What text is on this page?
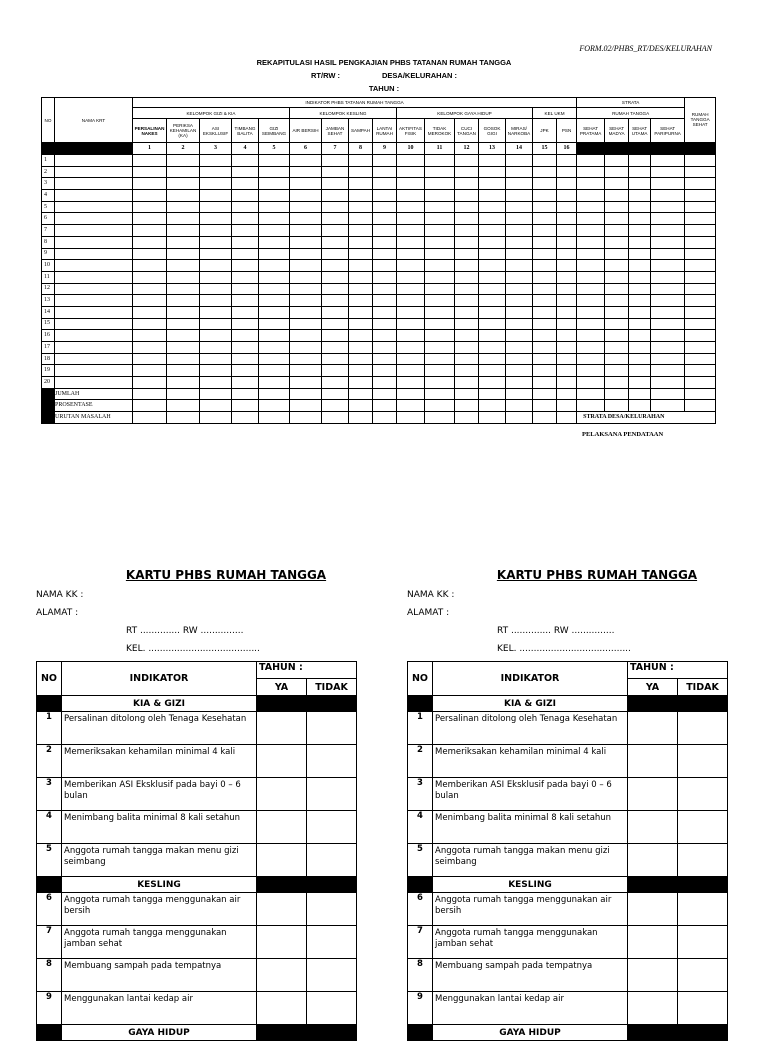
FORM.02/PHBS_RT/DES/KELURAHAN
REKAPITULASI HASIL PENGKAJIAN PHBS TATANAN RUMAH TANGGA
RT/RW :	DESA/KELURAHAN :
TAHUN :
NO	NAMA KRT	INDIKATOR PHBS TATANAN RUMAH TANGGA																STRATA				RUMAH TANGGA SEHAT
		KELOMPOK GIZI & KIA					KELOMPOK KESLING				KELOMPOK GAYA HIDUP					KEL UKM		RUMAH TANGGA				
		PERSALINAN NAKES	PERIKSA KEHAMILAN (KA)	ASI EKSKLUSIF	TIMBANG BALITA	GIZI SEIMBANG	AIR BERSIH	JAMBAN SEHAT	SAMPAH	LANTAI RUMAH	AKTIFITAS FISIK	TIDAK MEROKOK	CUCI TANGAN	GOSOK GIGI	MIRAS/ NARKOBA	JPK	PSN	SEHAT PRATAMA	SEHAT MADYA	SEHAT UTAMA	SEHAT PARIPURNA	
		1	2	3	4	5	6	7	8	9	10	11	12	13	14	15	16					
1																						
2																						
3																						
4																						
5																						
6																						
7																						
8																						
9																						
10																						
11																						
12																						
13																						
14																						
15																						
16																						
17																						
18																						
19																						
20																						
	JUMLAH																					
	PROSENTASE																					
	URUTAN MASALAH																	STRATA DESA/KELURAHAN				
PELAKSANA PENDATAAN
KARTU PHBS RUMAH TANGGA
NAMA KK :
ALAMAT :
RT .............. RW ...............
KEL. .......................................
NO	INDIKATOR	TAHUN :	
		YA	TIDAK
	KIA & GIZI		
1	Persalinan ditolong oleh Tenaga Kesehatan		
2	Memeriksakan kehamilan minimal 4 kali		
3	Memberikan ASI Eksklusif pada bayi 0 – 6 bulan		
4	Menimbang balita minimal 8 kali setahun		
5	Anggota rumah tangga makan menu gizi seimbang		
	KESLING		
6	Anggota rumah tangga menggunakan air bersih		
7	Anggota rumah tangga menggunakan jamban sehat		
8	Membuang sampah pada tempatnya		
9	Menggunakan lantai kedap air		
	GAYA HIDUP		
KARTU PHBS RUMAH TANGGA
NAMA KK :
ALAMAT :
RT .............. RW ...............
KEL. .......................................
NO	INDIKATOR	TAHUN :	
		YA	TIDAK
	KIA & GIZI		
1	Persalinan ditolong oleh Tenaga Kesehatan		
2	Memeriksakan kehamilan minimal 4 kali		
3	Memberikan ASI Eksklusif pada bayi 0 – 6 bulan		
4	Menimbang balita minimal 8 kali setahun		
5	Anggota rumah tangga makan menu gizi seimbang		
	KESLING		
6	Anggota rumah tangga menggunakan air bersih		
7	Anggota rumah tangga menggunakan jamban sehat		
8	Membuang sampah pada tempatnya		
9	Menggunakan lantai kedap air		
	GAYA HIDUP		
